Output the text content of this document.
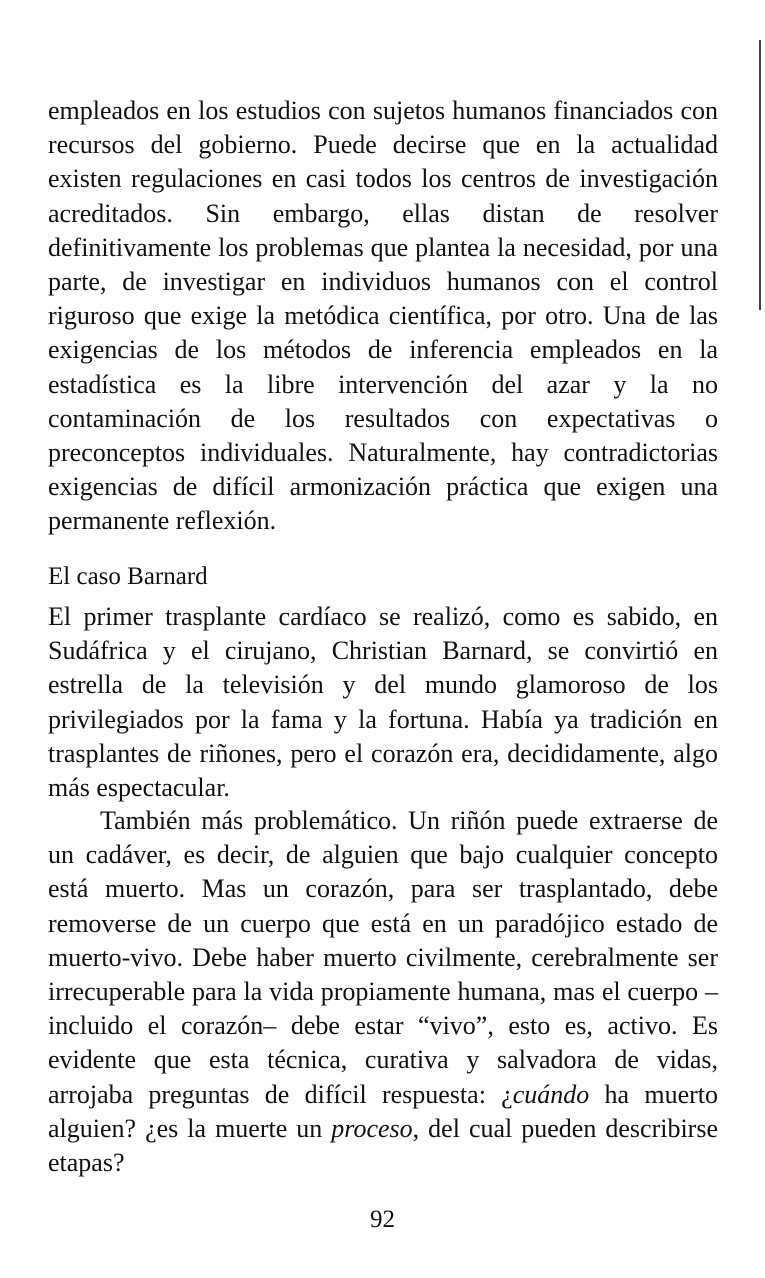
empleados en los estudios con sujetos humanos financiados con recursos del gobierno. Puede decirse que en la actualidad existen regulaciones en casi todos los centros de investigación acreditados. Sin embargo, ellas distan de resolver definitivamente los problemas que plantea la necesidad, por una parte, de investigar en individuos humanos con el control riguroso que exige la metódica científica, por otro. Una de las exigencias de los métodos de inferencia empleados en la estadística es la libre intervención del azar y la no contaminación de los resultados con expectativas o preconceptos individuales. Naturalmente, hay contradictorias exigencias de difícil armonización práctica que exigen una permanente reflexión.

El caso Barnard

El primer trasplante cardíaco se realizó, como es sabido, en Sudáfrica y el cirujano, Christian Barnard, se convirtió en estrella de la televisión y del mundo glamoroso de los privilegiados por la fama y la fortuna. Había ya tradición en trasplantes de riñones, pero el corazón era, decididamente, algo más espectacular.

También más problemático. Un riñón puede extraerse de un cadáver, es decir, de alguien que bajo cualquier concepto está muerto. Mas un corazón, para ser trasplantado, debe removerse de un cuerpo que está en un paradójico estado de muerto-vivo. Debe haber muerto civilmente, cerebralmente ser irrecuperable para la vida propiamente humana, mas el cuerpo –incluido el corazón– debe estar “vivo”, esto es, activo. Es evidente que esta técnica, curativa y salvadora de vidas, arrojaba preguntas de difícil respuesta: ¿cuándo ha muerto alguien? ¿es la muerte un proceso, del cual pueden describirse etapas?

92
